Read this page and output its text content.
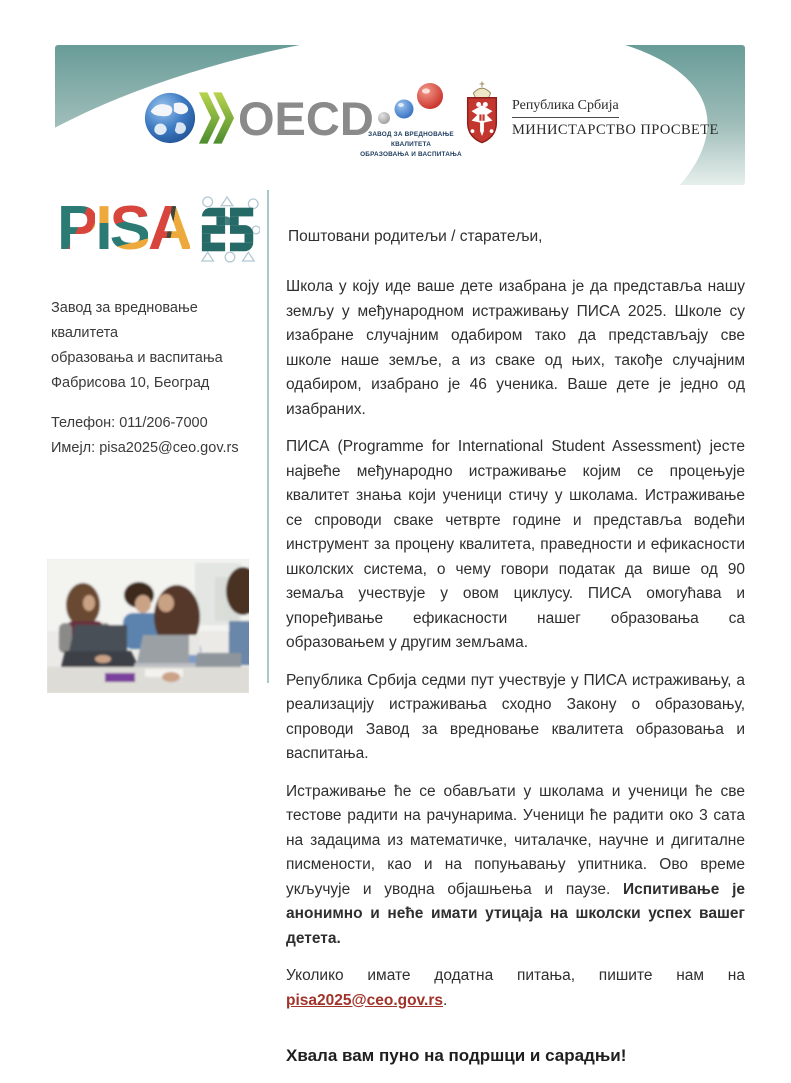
OECD
ЗАВОД ЗА ВРЕДНОВАЊЕ КВАЛИТЕТА
ОБРАЗОВАЊА И ВАСПИТАЊА
Република Србија
МИНИСТАРСТВО ПРОСВЕТЕ
P I S A
Завод за вредновање квалитета
образовања и васпитања
Фабрисова 10, Београд
Телефон: 011/206-7000
Имејл: pisa2025@ceo.gov.rs

Поштовани родитељи / старатељи,

Школа у коју иде ваше дете изабрана је да представља нашу земљу у међународном истраживању ПИСА 2025. Школе су изабране случајним одабиром тако да представљају све школе наше земље, а из сваке од њих, такође случајним одабиром, изабрано је 46 ученика. Ваше дете је једно од изабраних.

ПИСА (Programme for International Student Assessment) јесте највеће међународно истраживање којим се процењује квалитет знања који ученици стичу у школама. Истраживање се спроводи сваке четврте године и представља водећи инструмент за процену квалитета, праведности и ефикасности школских система, о чему говори податак да више од 90 земаља учествује у овом циклусу. ПИСА омогућава и упоређивање ефикасности нашег образовања са образовањем у другим земљама.

Република Србија седми пут учествује у ПИСА истраживању, а реализацију истраживања сходно Закону о образовању, спроводи Завод за вредновање квалитета образовања и васпитања.

Истраживање ће се обављати у школама и ученици ће све тестове радити на рачунарима. Ученици ће радити око 3 сата на задацима из математичке, читалачке, научне и дигиталне писмености, као и на попуњавању упитника. Ово време укључује и уводна објашњења и паузе. Испитивање је анонимно и неће имати утицаја на школски успех вашег детета.

Уколико имате додатна питања, пишите нам на pisa2025@ceo.gov.rs.

Хвала вам пуно на подршци и сарадњи!
